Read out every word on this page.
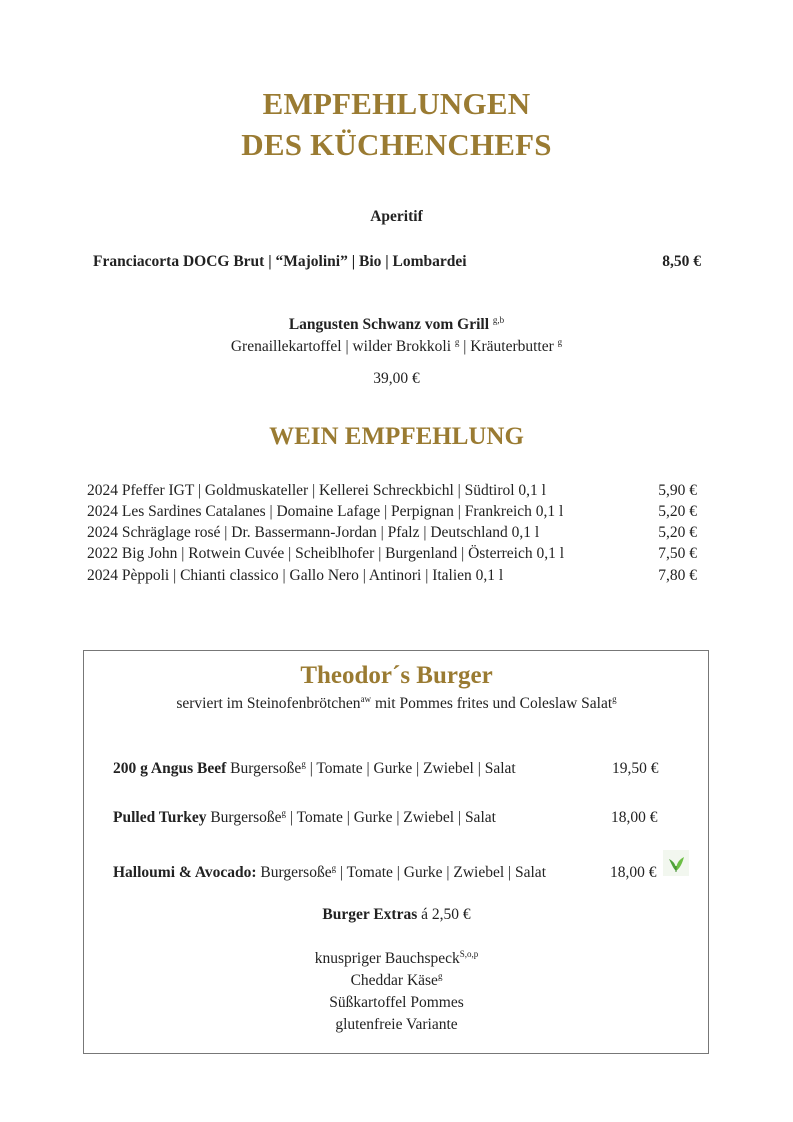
EMPFEHLUNGEN
DES KÜCHENCHEFS
Aperitif
Franciacorta DOCG Brut | “Majolini” | Bio | Lombardei	8,50 €
Langusten Schwanz vom Grill $^{g,b}$
Grenaillekartoffel | wilder Brokkoli $^g$ | Kräuterbutter $^g$
39,00 €
WEIN EMPFEHLUNG
2024 Pfeffer IGT | Goldmuskateller | Kellerei Schreckbichl | Südtirol 0,1 l	5,90 €
2024 Les Sardines Catalanes | Domaine Lafage | Perpignan | Frankreich 0,1 l	5,20 €
2024 Schräglage rosé | Dr. Bassermann-Jordan | Pfalz | Deutschland 0,1 l	5,20 €
2022 Big John | Rotwein Cuvée | Scheiblhofer | Burgenland | Österreich 0,1 l	7,50 €
2024 Pèppoli | Chianti classico | Gallo Nero | Antinori | Italien 0,1 l	7,80 €
Theodor´s Burger
serviert im Steinofenbrötchen$^{aw}$ mit Pommes frites und Coleslaw Salat$^g$
200 g Angus Beef Burgersoße$^g$ | Tomate | Gurke | Zwiebel | Salat	19,50 €
Pulled Turkey Burgersoße$^g$ | Tomate | Gurke | Zwiebel | Salat	18,00 €
Halloumi & Avocado: Burgersoße$^g$ | Tomate | Gurke | Zwiebel | Salat	18,00 €
Burger Extras á 2,50 €
knuspriger Bauchspeck$^{S,o,p}$
Cheddar Käse$^g$
Süßkartoffel Pommes
glutenfreie Variante
